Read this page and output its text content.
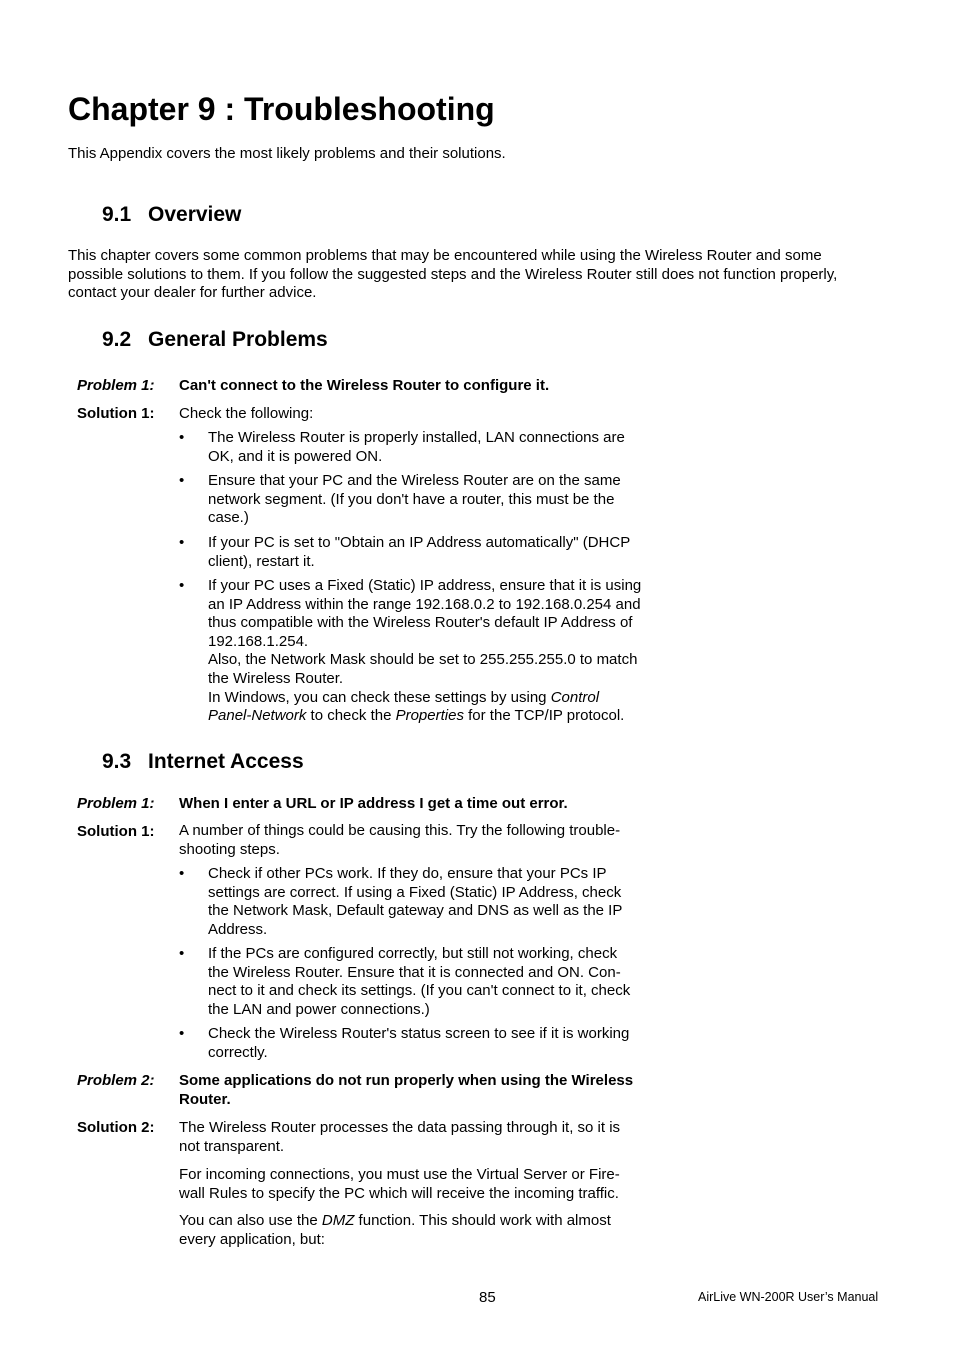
Chapter 9 : Troubleshooting
This Appendix covers the most likely problems and their solutions.
9.1 Overview
This chapter covers some common problems that may be encountered while using the Wireless Router and some
possible solutions to them. If you follow the suggested steps and the Wireless Router still does not function properly,
contact your dealer for further advice.
9.2 General Problems
Problem 1: Can't connect to the Wireless Router to configure it.
Solution 1: Check the following:
• The Wireless Router is properly installed, LAN connections are
OK, and it is powered ON.
• Ensure that your PC and the Wireless Router are on the same
network segment. (If you don't have a router, this must be the
case.)
• If your PC is set to "Obtain an IP Address automatically" (DHCP
client), restart it.
• If your PC uses a Fixed (Static) IP address, ensure that it is using
an IP Address within the range 192.168.0.2 to 192.168.0.254 and
thus compatible with the Wireless Router's default IP Address of
192.168.1.254.
Also, the Network Mask should be set to 255.255.255.0 to match
the Wireless Router.
In Windows, you can check these settings by using Control
Panel-Network to check the Properties for the TCP/IP protocol.
9.3 Internet Access
Problem 1: When I enter a URL or IP address I get a time out error.
Solution 1: A number of things could be causing this. Try the following trouble-
shooting steps.
• Check if other PCs work. If they do, ensure that your PCs IP
settings are correct. If using a Fixed (Static) IP Address, check
the Network Mask, Default gateway and DNS as well as the IP
Address.
• If the PCs are configured correctly, but still not working, check
the Wireless Router. Ensure that it is connected and ON. Con-
nect to it and check its settings. (If you can't connect to it, check
the LAN and power connections.)
• Check the Wireless Router's status screen to see if it is working
correctly.
Problem 2: Some applications do not run properly when using the Wireless
Router.
Solution 2: The Wireless Router processes the data passing through it, so it is
not transparent.
For incoming connections, you must use the Virtual Server or Fire-
wall Rules to specify the PC which will receive the incoming traffic.
You can also use the DMZ function. This should work with almost
every application, but:
85	AirLive WN-200R User’s Manual
